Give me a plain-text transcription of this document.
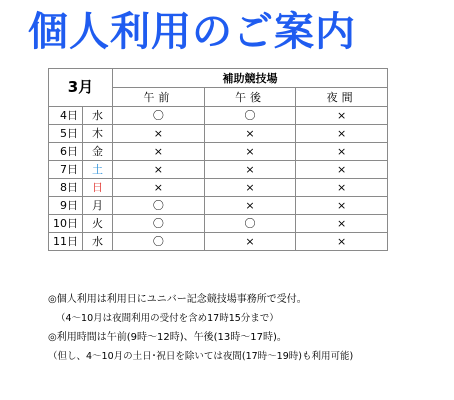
個人利用のご案内
3月		補助競技場		
		午前	午後	夜間
4日	水	〇	〇	×
5日	木	×	×	×
6日	金	×	×	×
7日	土	×	×	×
8日	日	×	×	×
9日	月	〇	×	×
10日	火	〇	〇	×
11日	水	〇	×	×
◎個人利用は利用日にユニバー記念競技場事務所で受付。
（4～10月は夜間利用の受付を含め17時15分まで）
◎利用時間は午前(9時～12時)、午後(13時～17時)。
（但し、4～10月の土日･祝日を除いては夜間(17時～19時)も利用可能)
